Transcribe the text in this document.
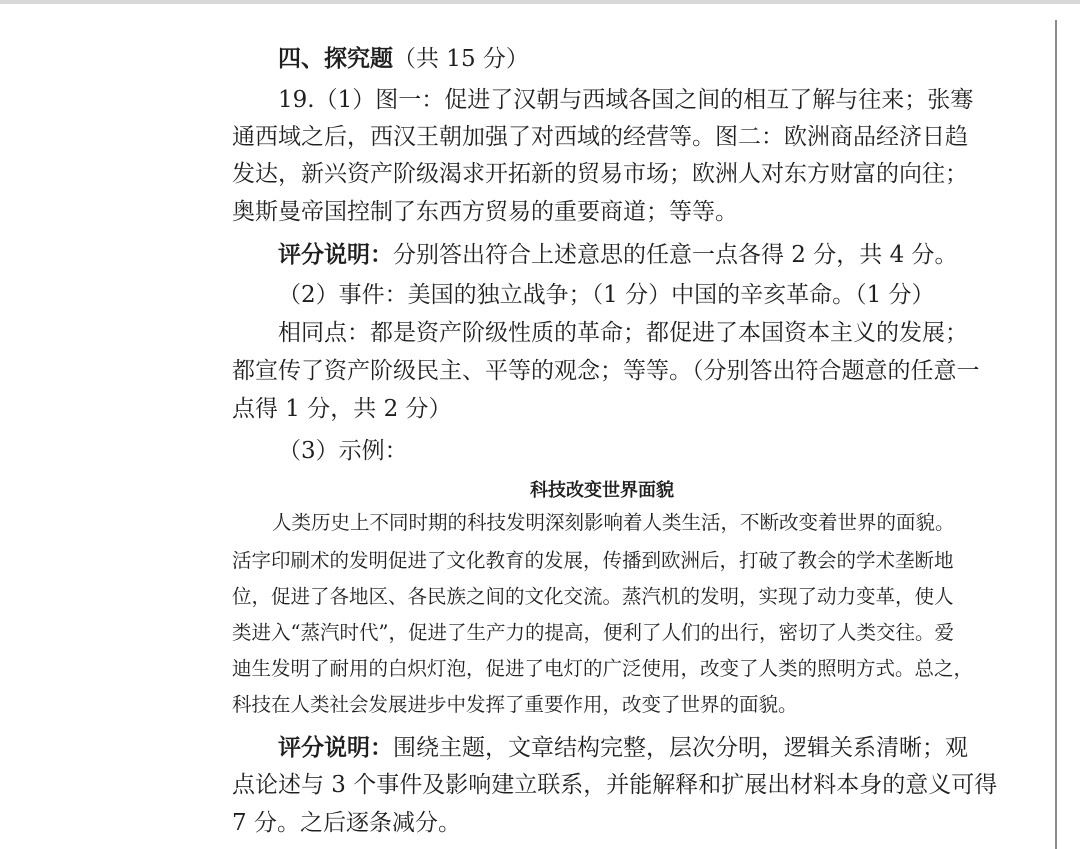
四、探究题（共 15 分）
19.（1）图一：促进了汉朝与西域各国之间的相互了解与往来；张骞
通西域之后，西汉王朝加强了对西域的经营等。图二：欧洲商品经济日趋
发达，新兴资产阶级渴求开拓新的贸易市场；欧洲人对东方财富的向往；
奥斯曼帝国控制了东西方贸易的重要商道；等等。
评分说明：分别答出符合上述意思的任意一点各得 2 分，共 4 分。
（2）事件：美国的独立战争；（1 分）中国的辛亥革命。（1 分）
相同点：都是资产阶级性质的革命；都促进了本国资本主义的发展；
都宣传了资产阶级民主、平等的观念；等等。（分别答出符合题意的任意一
点得 1 分，共 2 分）
（3）示例：
科技改变世界面貌
人类历史上不同时期的科技发明深刻影响着人类生活，不断改变着世界的面貌。
活字印刷术的发明促进了文化教育的发展，传播到欧洲后，打破了教会的学术垄断地
位，促进了各地区、各民族之间的文化交流。蒸汽机的发明，实现了动力变革，使人
类进入“蒸汽时代”，促进了生产力的提高，便利了人们的出行，密切了人类交往。爱
迪生发明了耐用的白炽灯泡，促进了电灯的广泛使用，改变了人类的照明方式。总之，
科技在人类社会发展进步中发挥了重要作用，改变了世界的面貌。
评分说明：围绕主题，文章结构完整，层次分明，逻辑关系清晰；观
点论述与 3 个事件及影响建立联系，并能解释和扩展出材料本身的意义可得
7 分。之后逐条减分。
